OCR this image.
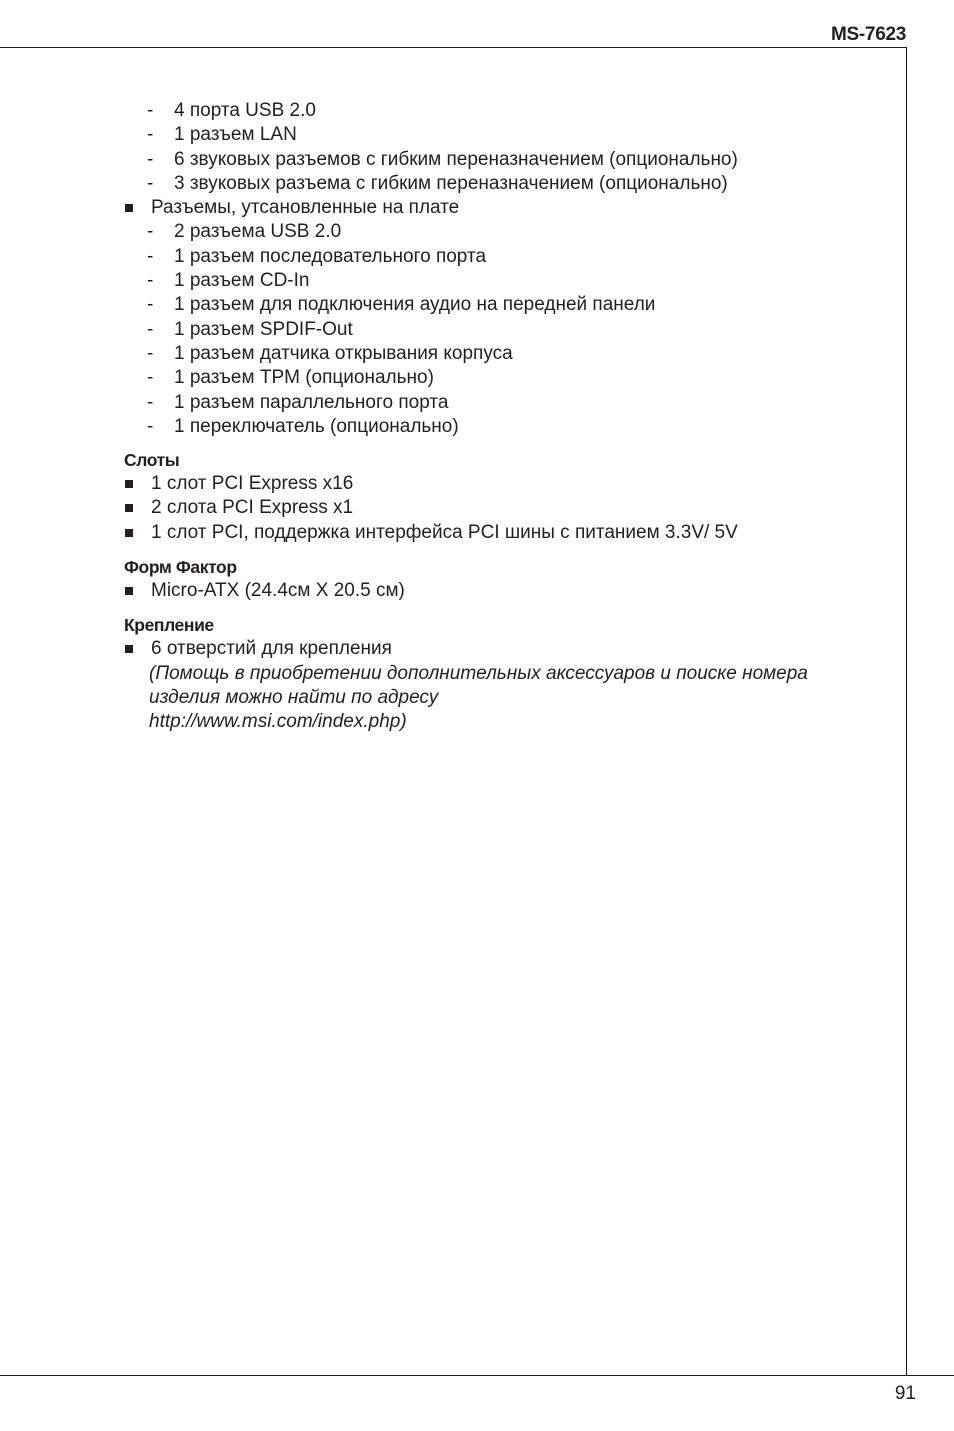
MS-7623
- 4 порта USB 2.0
- 1 разъем LAN
- 6 звуковых разъемов с гибким переназначением (опционально)
- 3 звуковых разъема с гибким переназначением (опционально)
Разъемы, утсановленные на плате
- 2 разъема USB 2.0
- 1 разъем последовательного порта
- 1 разъем CD-In
- 1 разъем для подключения аудио на передней панели
- 1 разъем SPDIF-Out
- 1 разъем датчика открывания корпуса
- 1 разъем TPM (опционально)
- 1 разъем параллельного порта
- 1 переключатель (опционально)
Слоты
1 слот PCI Express x16
2 слота PCI Express x1
1 слот PCI, поддержка интерфейса PCI шины с питанием 3.3V/ 5V
Форм Фактор
Micro-ATX (24.4см X 20.5 см)
Крепление
6 отверстий для крепления
(Помощь в приобретении дополнительных аксессуаров и поиске номера
изделия можно найти по адресу
http://www.msi.com/index.php)
91
